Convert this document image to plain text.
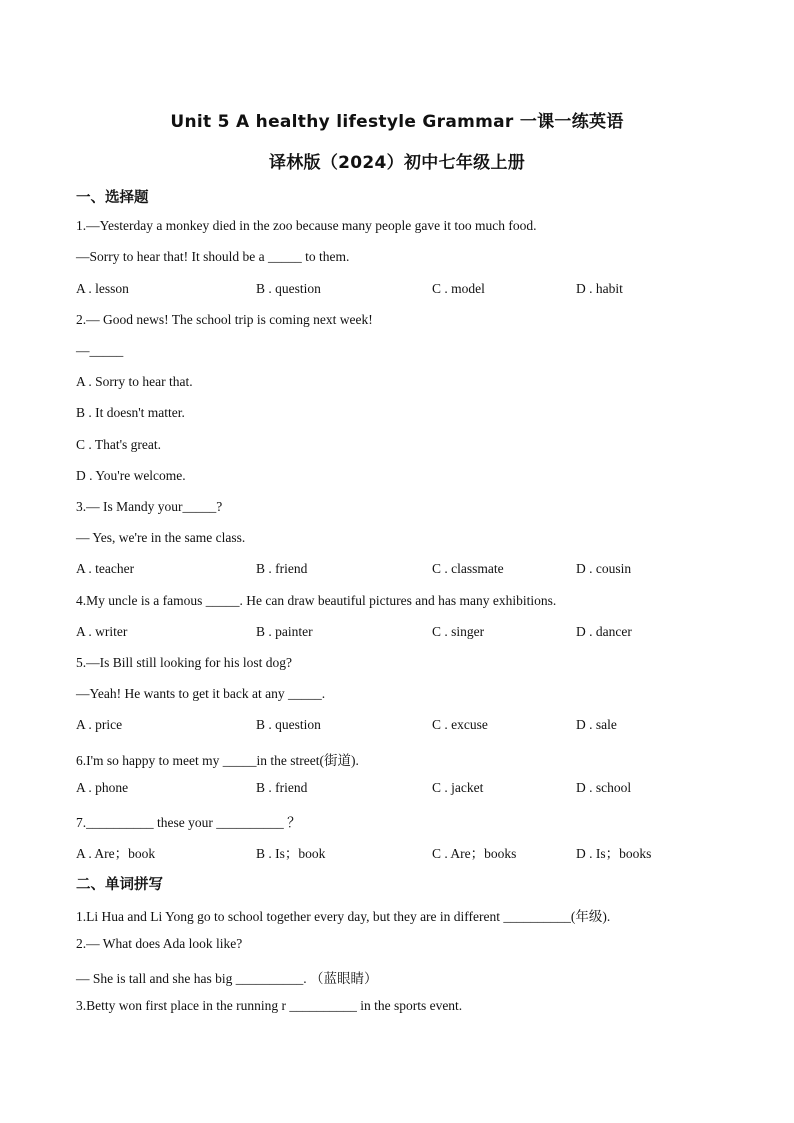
Unit 5 A healthy lifestyle Grammar 一课一练英语
译林版（2024）初中七年级上册
一、选择题
1.—Yesterday a monkey died in the zoo because many people gave it too much food.
—Sorry to hear that! It should be a _____ to them.
A . lesson	B . question	C . model	D . habit
2.— Good news! The school trip is coming next week!
—_____
A . Sorry to hear that.
B . It doesn't matter.
C . That's great.
D . You're welcome.
3.— Is Mandy your_____?
— Yes, we're in the same class.
A . teacher	B . friend	C . classmate	D . cousin
4.My uncle is a famous _____. He can draw beautiful pictures and has many exhibitions.
A . writer	B . painter	C . singer	D . dancer
5.—Is Bill still looking for his lost dog?
—Yeah! He wants to get it back at any _____.
A . price	B . question	C . excuse	D . sale
6.I'm so happy to meet my _____in the street(街道).
A . phone	B . friend	C . jacket	D . school
7.__________ these your __________ ？
A . Are；book	B . Is；book	C . Are；books	D . Is；books
二、单词拼写
1.Li Hua and Li Yong go to school together every day, but they are in different __________(年级).
2.— What does Ada look like?
— She is tall and she has big __________. （蓝眼睛）
3.Betty won first place in the running r __________ in the sports event.
